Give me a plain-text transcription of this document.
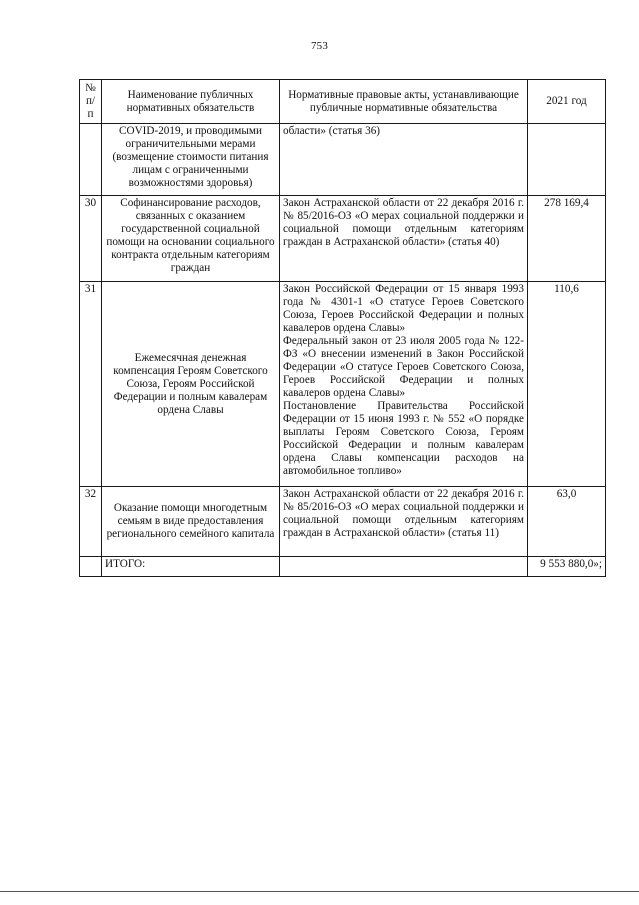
753
№ п/п	Наименование публичных нормативных обязательств	Нормативные правовые акты, устанавливающие публичные нормативные обязательства	2021 год
	COVID-2019, и проводимыми ограничительными мерами (возмещение стоимости питания лицам с ограниченными возможностями здоровья)	области» (статья 36)	
30	Софинансирование расходов, связанных с оказанием государственной социальной помощи на основании социального контракта отдельным категориям граждан	Закон Астраханской области от 22 декабря 2016 г. № 85/2016-ОЗ «О мерах социальной поддержки и социальной помощи отдельным категориям граждан в Астраханской области» (статья 40)	278 169,4
31	Ежемесячная денежная компенсация Героям Советского Союза, Героям Российской Федерации и полным кавалерам ордена Славы	Закон Российской Федерации от 15 января 1993 года № 4301-1 «О статусе Героев Советского Союза, Героев Российской Федерации и полных кавалеров ордена Славы»
Федеральный закон от 23 июля 2005 года № 122-ФЗ «О внесении изменений в Закон Российской Федерации «О статусе Героев Советского Союза, Героев Российской Федерации и полных кавалеров ордена Славы»
Постановление Правительства Российской Федерации от 15 июня 1993 г. № 552 «О порядке выплаты Героям Советского Союза, Героям Российской Федерации и полным кавалерам ордена Славы компенсации расходов на автомобильное топливо»	110,6
32	Оказание помощи многодетным семьям в виде предоставления регионального семейного капитала	Закон Астраханской области от 22 декабря 2016 г. № 85/2016-ОЗ «О мерах социальной поддержки и социальной помощи отдельным категориям граждан в Астраханской области» (статья 11)	63,0
	ИТОГО:		9 553 880,0»;
